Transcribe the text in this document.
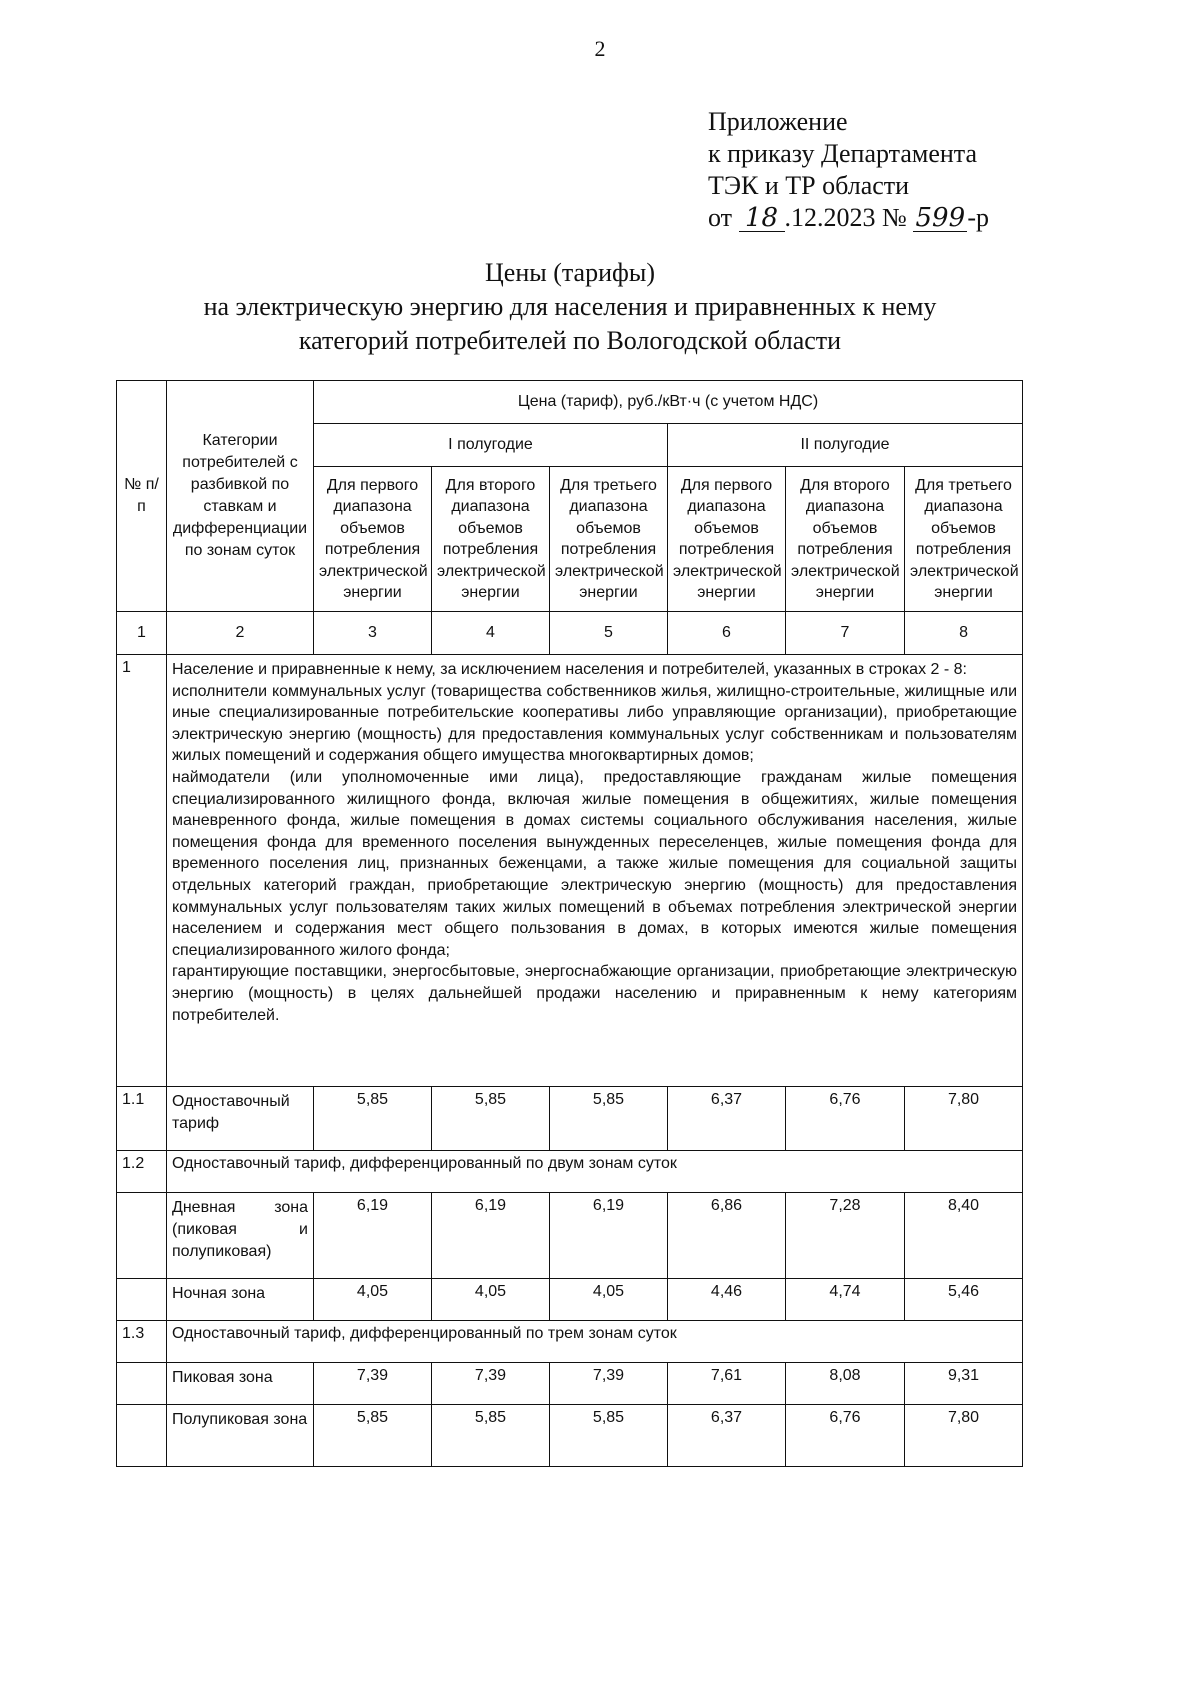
2
Приложение
к приказу Департамента
ТЭК и ТР области
от 18 .12.2023 № 599-р
Цены (тарифы)
на электрическую энергию для населения и приравненных к нему
категорий потребителей по Вологодской области
№ п/п	Категории потребителей с разбивкой по ставкам и дифференциации по зонам суток	Цена (тариф), руб./кВт·ч (с учетом НДС)					
		I полугодие			II полугодие		
		Для первого диапазона объемов потребления электрической энергии	Для второго диапазона объемов потребления электрической энергии	Для третьего диапазона объемов потребления электрической энергии	Для первого диапазона объемов потребления электрической энергии	Для второго диапазона объемов потребления электрической энергии	Для третьего диапазона объемов потребления электрической энергии
1	2	3	4	5	6	7	8
1	Население и приравненные к нему, за исключением населения и потребителей, указанных в строках 2 - 8:

исполнители коммунальных услуг (товарищества собственников жилья, жилищно-строительные, жилищные или иные специализированные потребительские кооперативы либо управляющие организации), приобретающие электрическую энергию (мощность) для предоставления коммунальных услуг собственникам и пользователям жилых помещений и содержания общего имущества многоквартирных домов;

наймодатели (или уполномоченные ими лица), предоставляющие гражданам жилые помещения специализированного жилищного фонда, включая жилые помещения в общежитиях, жилые помещения маневренного фонда, жилые помещения в домах системы социального обслуживания населения, жилые помещения фонда для временного поселения вынужденных переселенцев, жилые помещения фонда для временного поселения лиц, признанных беженцами, а также жилые помещения для социальной защиты отдельных категорий граждан, приобретающие электрическую энергию (мощность) для предоставления коммунальных услуг пользователям таких жилых помещений в объемах потребления электрической энергии населением и содержания мест общего пользования в домах, в которых имеются жилые помещения специализированного жилого фонда;

гарантирующие поставщики, энергосбытовые, энергоснабжающие организации, приобретающие электрическую энергию (мощность) в целях дальнейшей продажи населению и приравненным к нему категориям потребителей.						

1.1	Одноставочный тариф	5,85	5,85	5,85	6,37	6,76	7,80
1.2	Одноставочный тариф, дифференцированный по двум зонам суток						
	Дневная зона (пиковая и полупиковая)	6,19	6,19	6,19	6,86	7,28	8,40
	Ночная зона	4,05	4,05	4,05	4,46	4,74	5,46
1.3	Одноставочный тариф, дифференцированный по трем зонам суток						
	Пиковая зона	7,39	7,39	7,39	7,61	8,08	9,31
	Полупиковая зона	5,85	5,85	5,85	6,37	6,76	7,80
